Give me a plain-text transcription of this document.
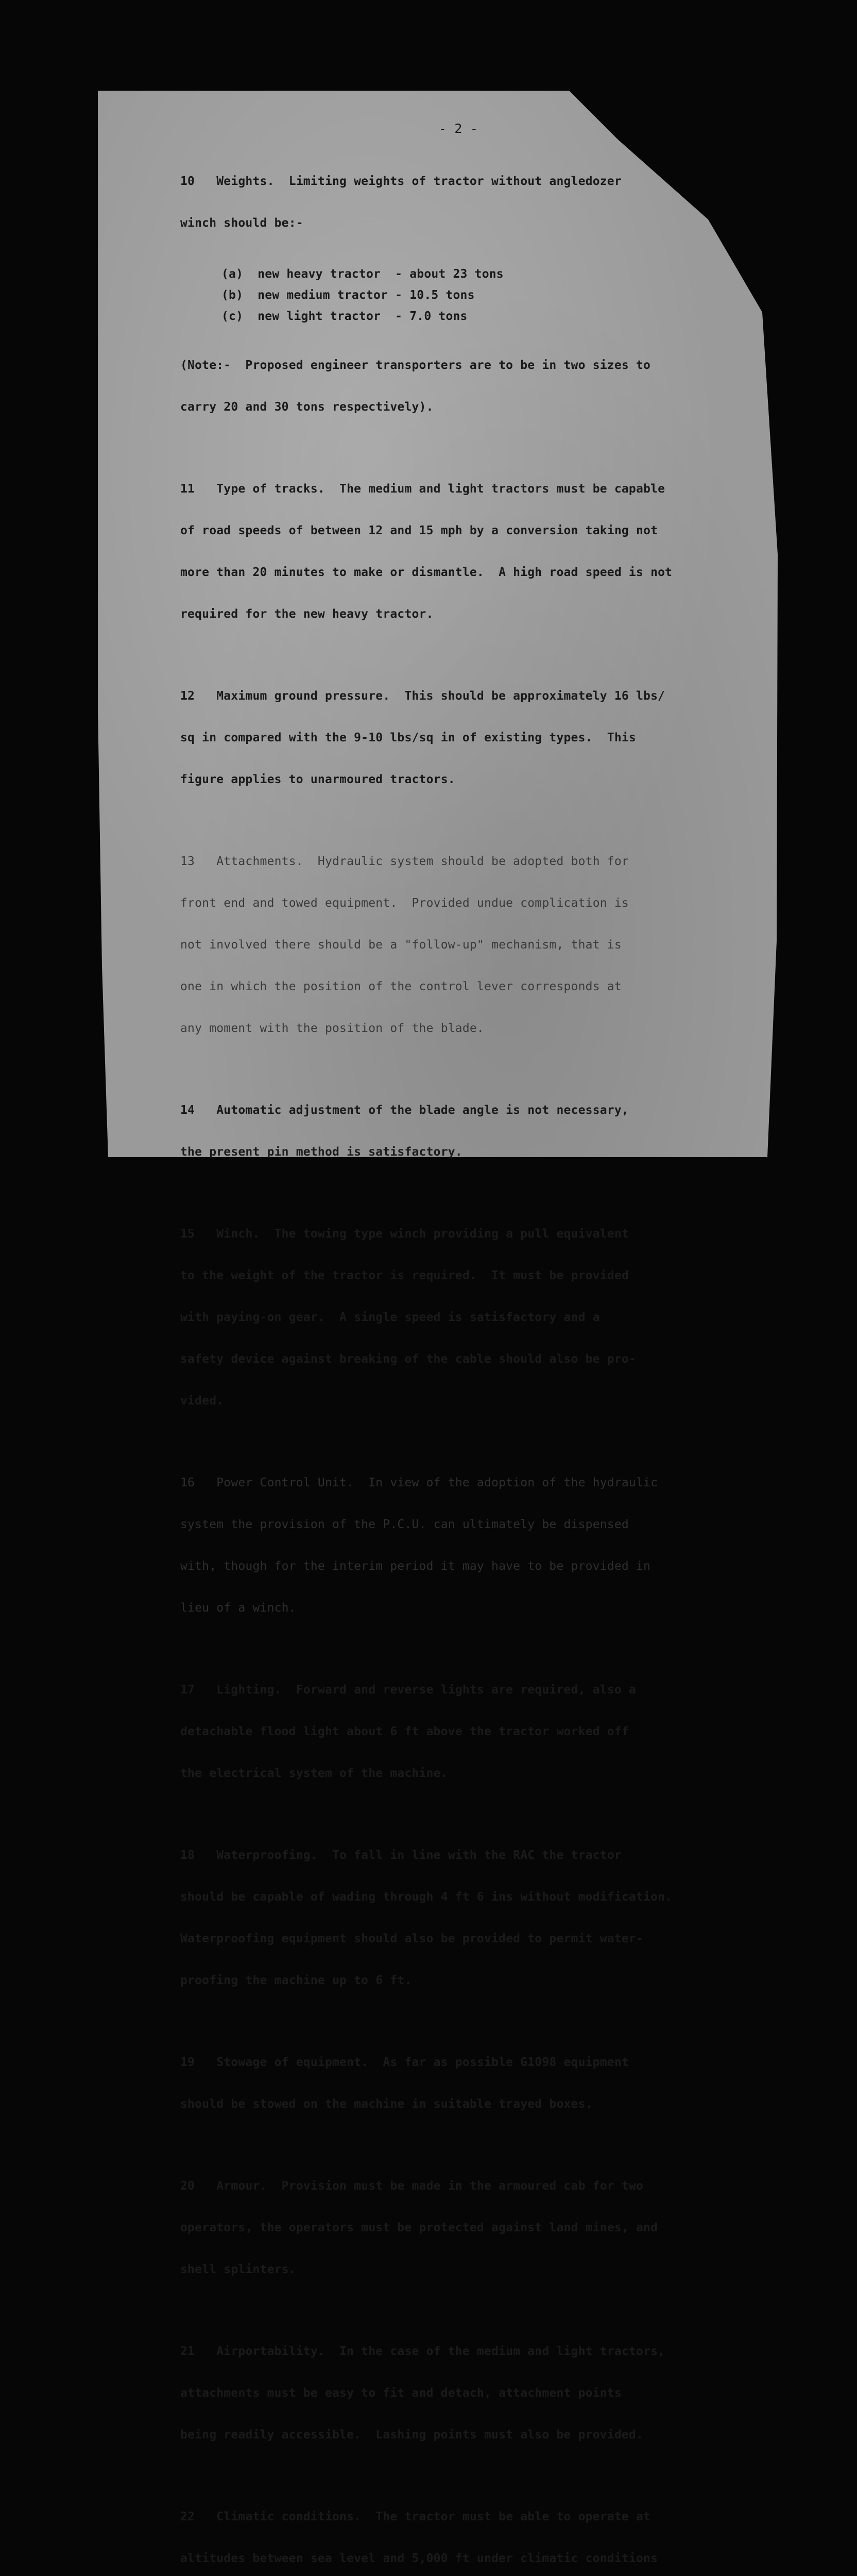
- 2 -

10   Weights.  Limiting weights of tractor without angledozer

winch should be:-

(a)  new heavy tractor  - about 23 tons
(b)  new medium tractor - 10.5 tons
(c)  new light tractor  - 7.0 tons

(Note:-  Proposed engineer transporters are to be in two sizes to

carry 20 and 30 tons respectively).

11   Type of tracks.  The medium and light tractors must be capable

of road speeds of between 12 and 15 mph by a conversion taking not

more than 20 minutes to make or dismantle.  A high road speed is not

required for the new heavy tractor.

12   Maximum ground pressure.  This should be approximately 16 lbs/

sq in compared with the 9-10 lbs/sq in of existing types.  This

figure applies to unarmoured tractors.

13   Attachments.  Hydraulic system should be adopted both for

front end and towed equipment.  Provided undue complication is

not involved there should be a "follow-up" mechanism, that is

one in which the position of the control lever corresponds at

any moment with the position of the blade.

14   Automatic adjustment of the blade angle is not necessary,

the present pin method is satisfactory.

15   Winch.  The towing type winch providing a pull equivalent

to the weight of the tractor is required.  It must be provided

with paying-on gear.  A single speed is satisfactory and a

safety device against breaking of the cable should also be pro-

vided.

16   Power Control Unit.  In view of the adoption of the hydraulic

system the provision of the P.C.U. can ultimately be dispensed

with, though for the interim period it may have to be provided in

lieu of a winch.

17   Lighting.  Forward and reverse lights are required, also a

detachable flood light about 6 ft above the tractor worked off

the electrical system of the machine.

18   Waterproofing.  To fall in line with the RAC the tractor

should be capable of wading through 4 ft 6 ins without modification.

Waterproofing equipment should also be provided to permit water-

proofing the machine up to 6 ft.

19   Stowage of equipment.  As far as possible G1098 equipment

should be stowed on the machine in suitable trayed boxes.

20   Armour.  Provision must be made in the armoured cab for two

operators, the operators must be protected against land mines, and

shell splinters.

21   Airportability.  In the case of the medium and light tractors,

attachments must be easy to fit and detach, attachment points

being readily accessible.  Lashing points must also be provided.

22   Climatic conditions.  The tractor must be able to operate at

altitudes between sea level and 5,000 ft under climatic conditions
